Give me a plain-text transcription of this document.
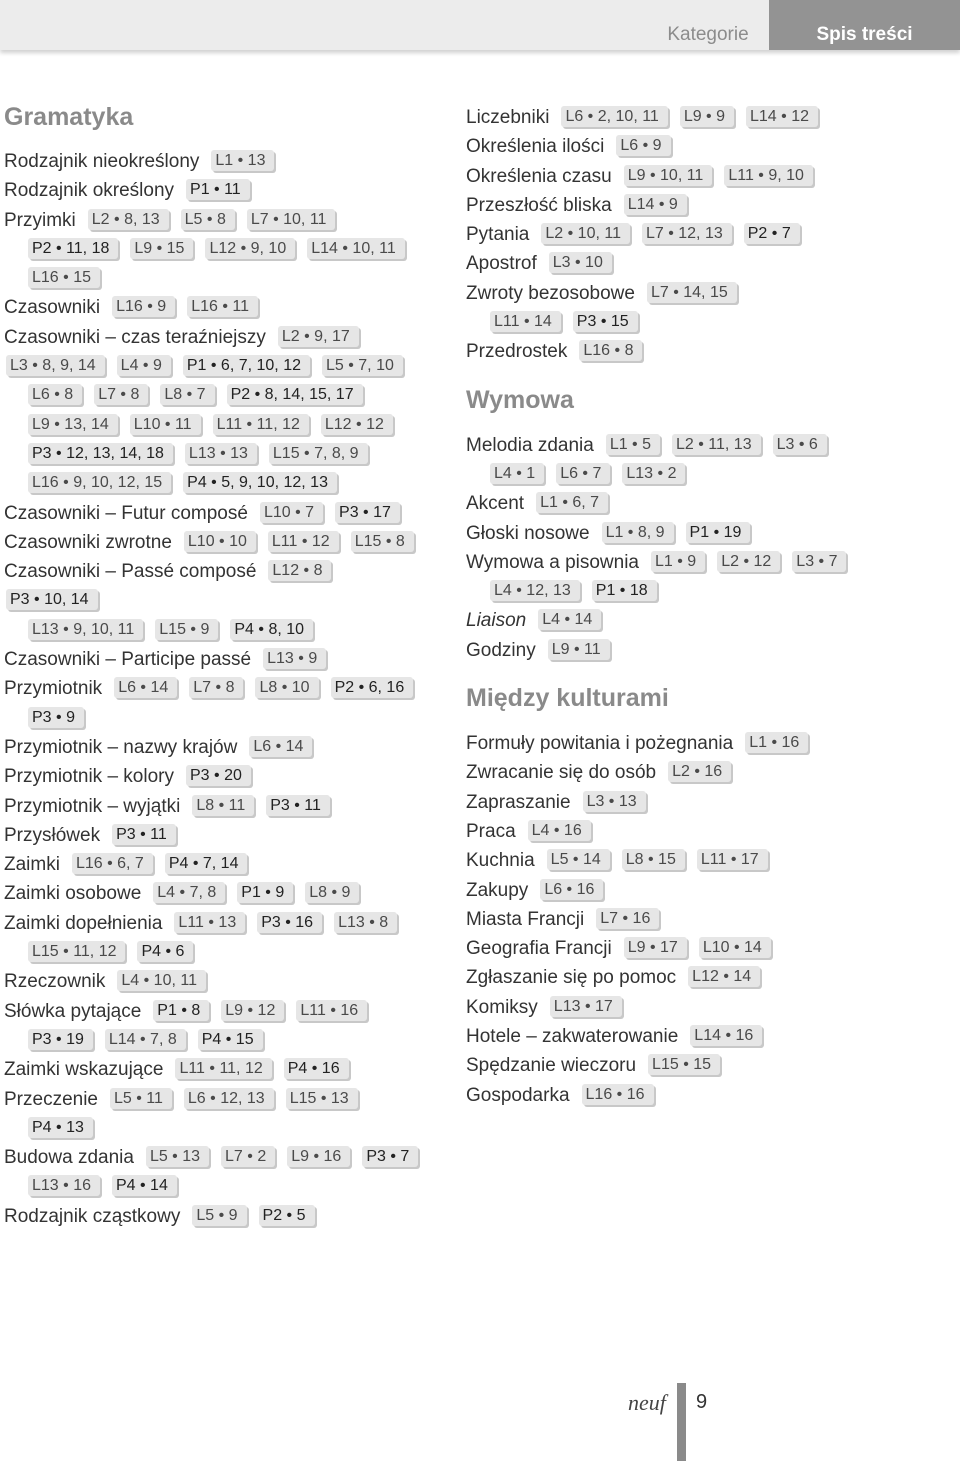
Kategorie	Spis treści
Gramatyka
Rodzajnik nieokreślony L1 • 13
Rodzajnik określony P1 • 11
Przyimki L2 • 8, 13 L5 • 8 L7 • 10, 11
P2 • 11, 18 L9 • 15 L12 • 9, 10 L14 • 10, 11
L16 • 15
Czasowniki L16 • 9 L16 • 11
Czasowniki – czas teraźniejszy L2 • 9, 17
L3 • 8, 9, 14 L4 • 9 P1 • 6, 7, 10, 12 L5 • 7, 10
L6 • 8 L7 • 8 L8 • 7 P2 • 8, 14, 15, 17
L9 • 13, 14 L10 • 11 L11 • 11, 12 L12 • 12
P3 • 12, 13, 14, 18 L13 • 13 L15 • 7, 8, 9
L16 • 9, 10, 12, 15 P4 • 5, 9, 10, 12, 13
Czasowniki – Futur composé L10 • 7 P3 • 17
Czasowniki zwrotne L10 • 10 L11 • 12 L15 • 8
Czasowniki – Passé composé L12 • 8
P3 • 10, 14
L13 • 9, 10, 11 L15 • 9 P4 • 8, 10
Czasowniki – Participe passé L13 • 9
Przymiotnik L6 • 14 L7 • 8 L8 • 10 P2 • 6, 16
P3 • 9
Przymiotnik – nazwy krajów L6 • 14
Przymiotnik – kolory P3 • 20
Przymiotnik – wyjątki L8 • 11 P3 • 11
Przysłówek P3 • 11
Zaimki L16 • 6, 7 P4 • 7, 14
Zaimki osobowe L4 • 7, 8 P1 • 9 L8 • 9
Zaimki dopełnienia L11 • 13 P3 • 16 L13 • 8
L15 • 11, 12 P4 • 6
Rzeczownik L4 • 10, 11
Słówka pytające P1 • 8 L9 • 12 L11 • 16
P3 • 19 L14 • 7, 8 P4 • 15
Zaimki wskazujące L11 • 11, 12 P4 • 16
Przeczenie L5 • 11 L6 • 12, 13 L15 • 13
P4 • 13
Budowa zdania L5 • 13 L7 • 2 L9 • 16 P3 • 7
L13 • 16 P4 • 14
Rodzajnik cząstkowy L5 • 9 P2 • 5
Liczebniki L6 • 2, 10, 11 L9 • 9 L14 • 12
Określenia ilości L6 • 9
Określenia czasu L9 • 10, 11 L11 • 9, 10
Przeszłość bliska L14 • 9
Pytania L2 • 10, 11 L7 • 12, 13 P2 • 7
Apostrof L3 • 10
Zwroty bezosobowe L7 • 14, 15
L11 • 14 P3 • 15
Przedrostek L16 • 8
Wymowa
Melodia zdania L1 • 5 L2 • 11, 13 L3 • 6
L4 • 1 L6 • 7 L13 • 2
Akcent L1 • 6, 7
Głoski nosowe L1 • 8, 9 P1 • 19
Wymowa a pisownia L1 • 9 L2 • 12 L3 • 7
L4 • 12, 13 P1 • 18
Liaison L4 • 14
Godziny L9 • 11
Między kulturami
Formuły powitania i pożegnania L1 • 16
Zwracanie się do osób L2 • 16
Zapraszanie L3 • 13
Praca L4 • 16
Kuchnia L5 • 14 L8 • 15 L11 • 17
Zakupy L6 • 16
Miasta Francji L7 • 16
Geografia Francji L9 • 17 L10 • 14
Zgłaszanie się po pomoc L12 • 14
Komiksy L13 • 17
Hotele – zakwaterowanie L14 • 16
Spędzanie wieczoru L15 • 15
Gospodarka L16 • 16
neuf 9
